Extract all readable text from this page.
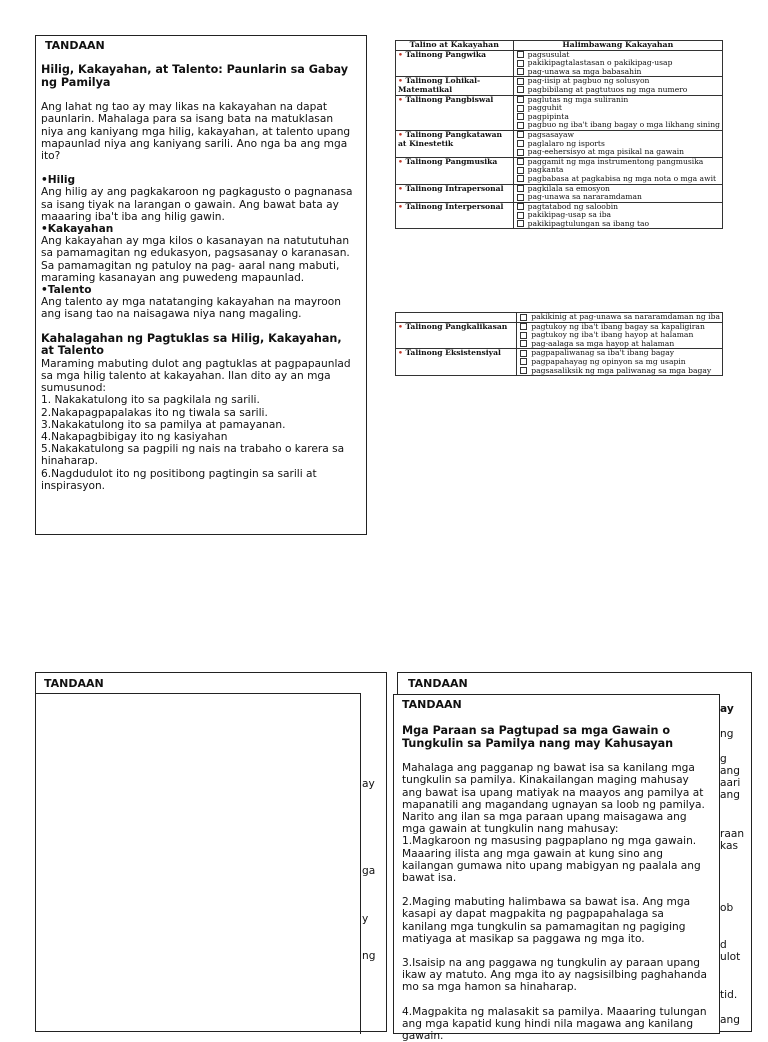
TANDAAN

Hilig, Kakayahan, at Talento: Paunlarin sa Gabay ng Pamilya

Ang lahat ng tao ay may likas na kakayahan na dapat paunlarin. Mahalaga para sa isang bata na matuklasan niya ang kaniyang mga hilig, kakayahan, at talento upang mapaunlad niya ang kaniyang sarili. Ano nga ba ang mga ito?

•Hilig

Ang hilig ay ang pagkakaroon ng pagkagusto o pagnanasa sa isang tiyak na larangan o gawain. Ang bawat bata ay maaaring iba't iba ang hilig gawin.

•Kakayahan

Ang kakayahan ay mga kilos o kasanayan na natututuhan sa pamamagitan ng edukasyon, pagsasanay o karanasan. Sa pamamagitan ng patuloy na pag- aaral nang mabuti, maraming kasanayan ang puwedeng mapaunlad.

•Talento

Ang talento ay mga natatanging kakayahan na mayroon ang isang tao na naisagawa niya nang magaling.

Kahalagahan ng Pagtuklas sa Hilig, Kakayahan, at Talento

Maraming mabuting dulot ang pagtuklas at pagpapaunlad sa mga hilig talento at kakayahan. Ilan dito ay an mga sumusunod:

1. Nakakatulong ito sa pagkilala ng sarili.

2.Nakapagpapalakas ito ng tiwala sa sarili.

3.Nakakatulong ito sa pamilya at pamayanan.

4.Nakapagbibigay ito ng kasiyahan

5.Nakakatulong sa pagpili ng nais na trabaho o karera sa hinaharap.

6.Nagdudulot ito ng positibong pagtingin sa sarili at inspirasyon.

Talino at Kakayahan	Halimbawang Kakayahan
• Talinong Pangwika	pagsusulat
pakikipagtalastasan o pakikipag-usap
pag-unawa sa mga babasahin

• Talinong Lohikal-Matematikal	pag-iisip at pagbuo ng solusyon
pagbibilang at pagtutuos ng mga numero

• Talinong Pangbiswal	paglutas ng mga suliranin
pagguhit
pagpipinta
pagbuo ng iba't ibang bagay o mga likhang sining

• Talinong Pangkatawan at Kinestetik	pagsasayaw
paglalaro ng isports
pag-eehersisyo at mga pisikal na gawain

• Talinong Pangmusika	paggamit ng mga instrumentong pangmusika
pagkanta
pagbabasa at pagkabisa ng mga nota o mga awit

• Talinong Intrapersonal	pagkilala sa emosyon
pag-unawa sa nararamdaman

• Talinong Interpersonal	pagtatabod ng saloobin
pakikipag-usap sa iba
pakikipagtulungan sa ibang tao

	pakikinig at pag-unawa sa nararamdaman ng iba

• Talinong Pangkalikasan	pagtukoy ng iba't ibang bagay sa kapaligiran
pagtukoy ng iba't ibang hayop at halaman
pag-aalaga sa mga hayop at halaman

• Talinong Eksistensiyal	pagpapaliwanag sa iba't ibang bagay
pagpapahayag ng opinyon sa mg usapin
pagsasaliksik ng mga paliwanag sa mga bagay
TANDAAN
ay
ga
y
ng
TANDAAN
ay
ng
g
ang
aari
ang
raan
kas
ob
d
ulot
tid.
ang
TANDAAN

Mga Paraan sa Pagtupad sa mga Gawain o Tungkulin sa Pamilya nang may Kahusayan

Mahalaga ang pagganap ng bawat isa sa kanilang mga tungkulin sa pamilya. Kinakailangan maging mahusay ang bawat isa upang matiyak na maayos ang pamilya at mapanatili ang magandang ugnayan sa loob ng pamilya. Narito ang ilan sa mga paraan upang maisagawa ang mga gawain at tungkulin nang mahusay:
1.Magkaroon ng masusing pagpaplano ng mga gawain. Maaaring ilista ang mga gawain at kung sino ang kailangan gumawa nito upang mabigyan ng paalala ang bawat isa.

2.Maging mabuting halimbawa sa bawat isa. Ang mga kasapi ay dapat magpakita ng pagpapahalaga sa kanilang mga tungkulin sa pamamagitan ng pagiging matiyaga at masikap sa paggawa ng mga ito.

3.Isaisip na ang paggawa ng tungkulin ay paraan upang ikaw ay matuto. Ang mga ito ay nagsisilbing paghahanda mo sa mga hamon sa hinaharap.

4.Magpakita ng malasakit sa pamilya. Maaaring tulungan ang mga kapatid kung hindi nila magawa ang kanilang gawain.
